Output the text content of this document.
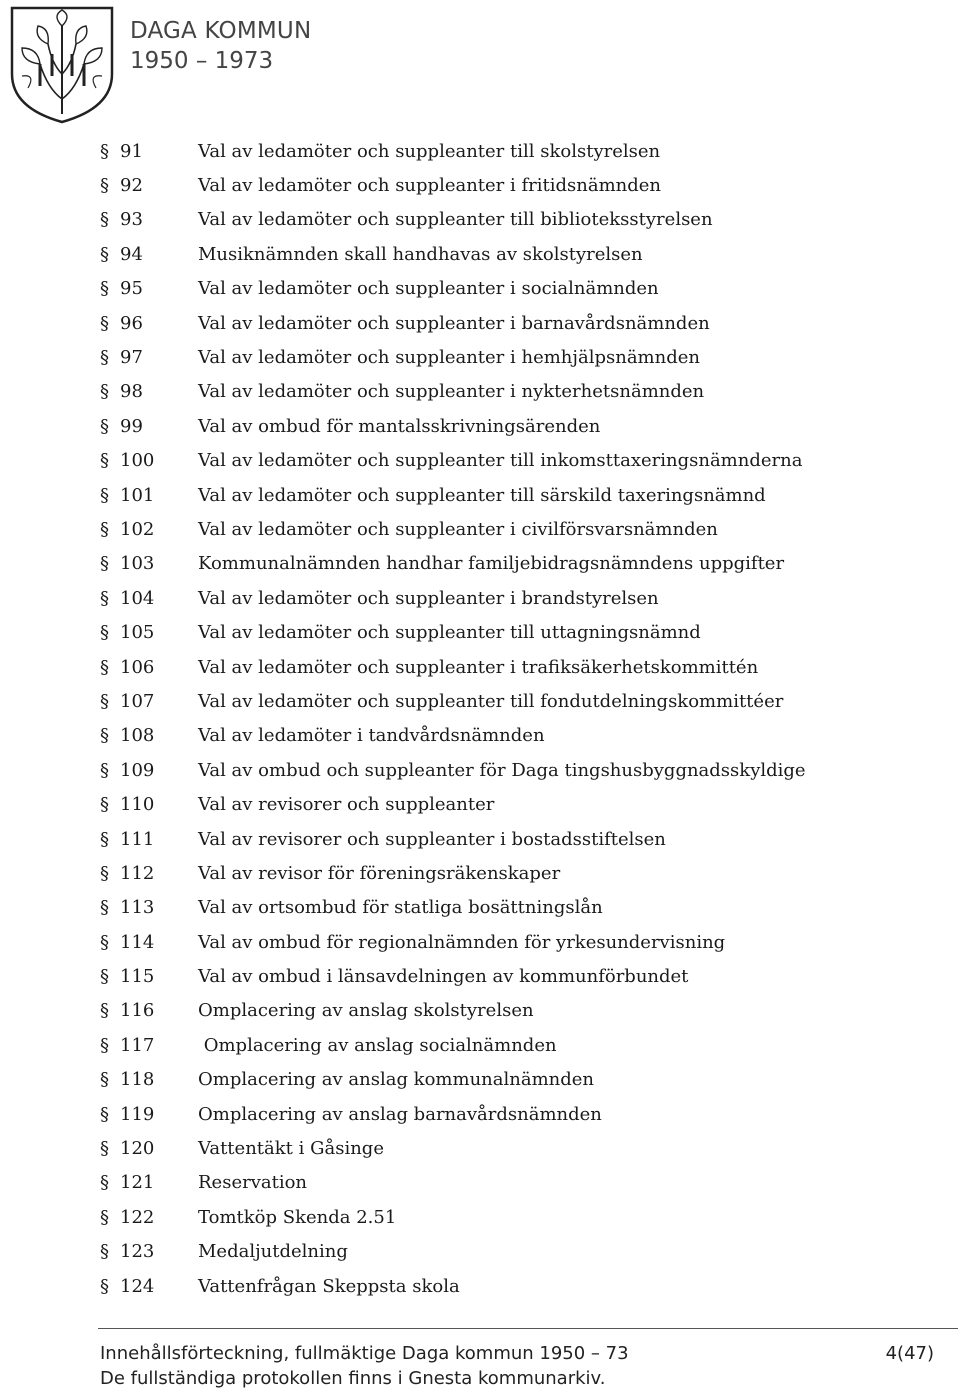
DAGA KOMMUN
1950 – 1973
§ 91	Val av ledamöter och suppleanter till skolstyrelsen
§ 92	Val av ledamöter och suppleanter i fritidsnämnden
§ 93	Val av ledamöter och suppleanter till biblioteksstyrelsen
§ 94	Musiknämnden skall handhavas av skolstyrelsen
§ 95	Val av ledamöter och suppleanter i socialnämnden
§ 96	Val av ledamöter och suppleanter i barnavårdsnämnden
§ 97	Val av ledamöter och suppleanter i hemhjälpsnämnden
§ 98	Val av ledamöter och suppleanter i nykterhetsnämnden
§ 99	Val av ombud för mantalsskrivningsärenden
§ 100	Val av ledamöter och suppleanter till inkomsttaxeringsnämnderna
§ 101	Val av ledamöter och suppleanter till särskild taxeringsnämnd
§ 102	Val av ledamöter och suppleanter i civilförsvarsnämnden
§ 103	Kommunalnämnden handhar familjebidragsnämndens uppgifter
§ 104	Val av ledamöter och suppleanter i brandstyrelsen
§ 105	Val av ledamöter och suppleanter till uttagningsnämnd
§ 106	Val av ledamöter och suppleanter i trafiksäkerhetskommittén
§ 107	Val av ledamöter och suppleanter till fondutdelningskommittéer
§ 108	Val av ledamöter i tandvårdsnämnden
§ 109	Val av ombud och suppleanter för Daga tingshusbyggnadsskyldige
§ 110	Val av revisorer och suppleanter
§ 111	Val av revisorer och suppleanter i bostadsstiftelsen
§ 112	Val av revisor för föreningsräkenskaper
§ 113	Val av ortsombud för statliga bosättningslån
§ 114	Val av ombud för regionalnämnden för yrkesundervisning
§ 115	Val av ombud i länsavdelningen av kommunförbundet
§ 116	Omplacering av anslag skolstyrelsen
§ 117	Omplacering av anslag socialnämnden
§ 118	Omplacering av anslag kommunalnämnden
§ 119	Omplacering av anslag barnavårdsnämnden
§ 120	Vattentäkt i Gåsinge
§ 121	Reservation
§ 122	Tomtköp Skenda 2.51
§ 123	Medaljutdelning
§ 124	Vattenfrågan Skeppsta skola
Innehållsförteckning, fullmäktige Daga kommun 1950 – 73	4(47)
De fullständiga protokollen finns i Gnesta kommunarkiv.
